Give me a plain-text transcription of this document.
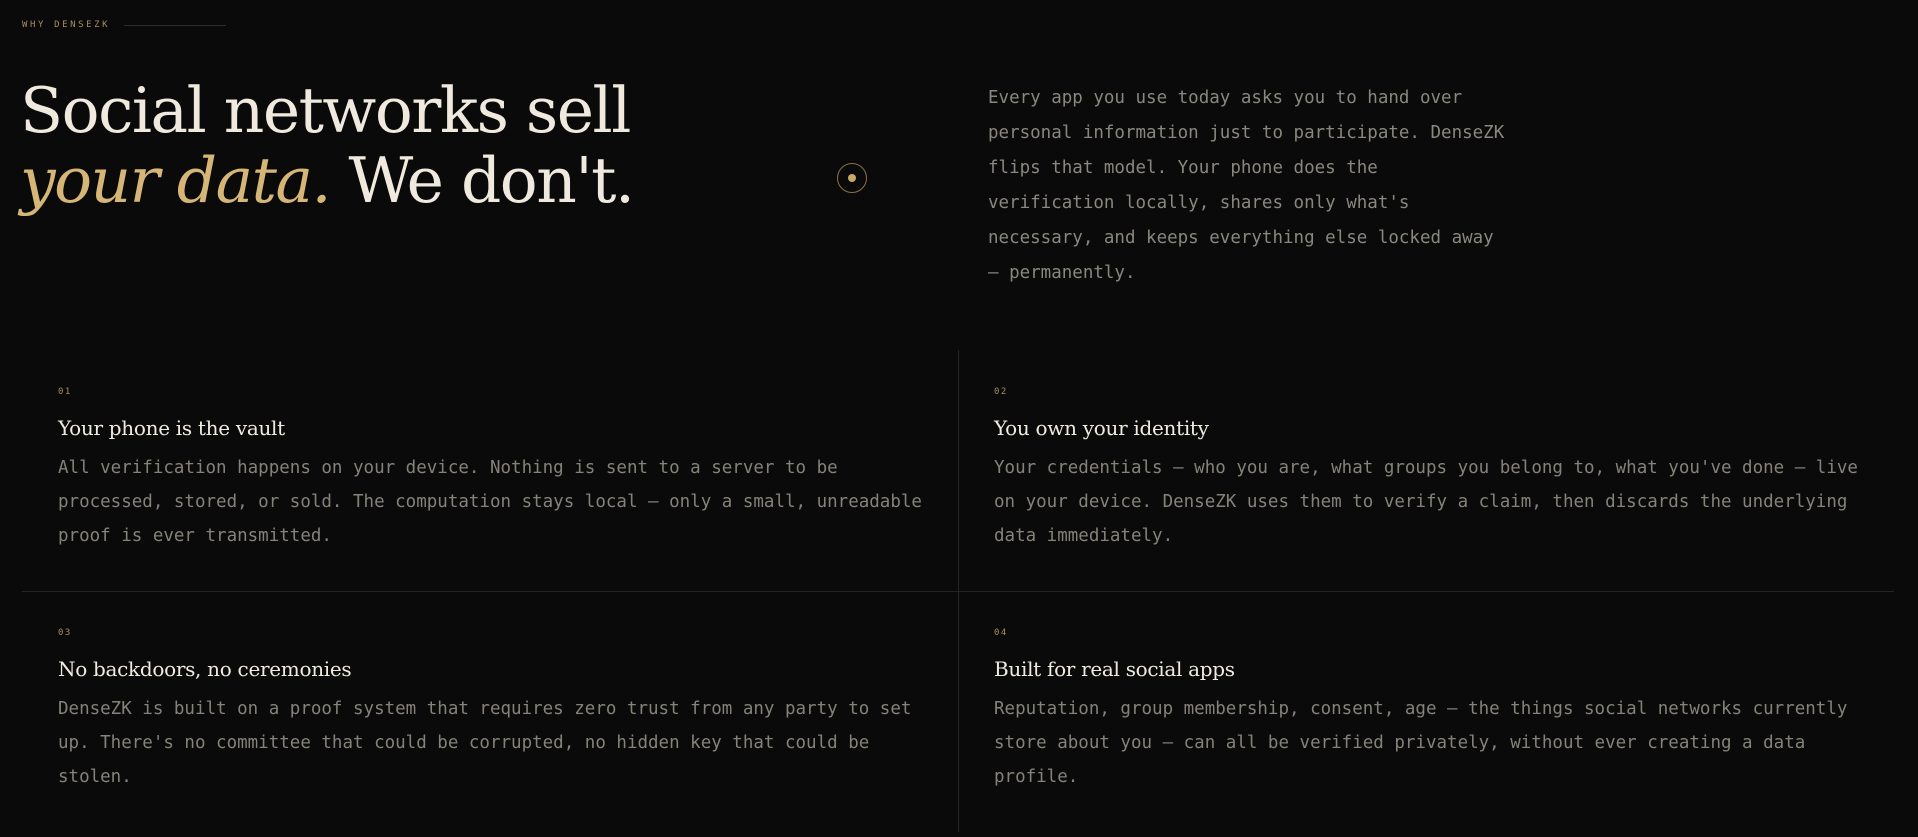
WHY DENSEZK
Social networks sell
your data. We don't.

Every app you use today asks you to hand over personal information just to participate. DenseZK flips that model. Your phone does the verification locally, shares only what's necessary, and keeps everything else locked away — permanently.

01
Your phone is the vault

All verification happens on your device. Nothing is sent to a server to be processed, stored, or sold. The computation stays local — only a small, unreadable proof is ever transmitted.

02
You own your identity

Your credentials — who you are, what groups you belong to, what you've done — live on your device. DenseZK uses them to verify a claim, then discards the underlying data immediately.

03
No backdoors, no ceremonies

DenseZK is built on a proof system that requires zero trust from any party to set up. There's no committee that could be corrupted, no hidden key that could be stolen.

04
Built for real social apps

Reputation, group membership, consent, age — the things social networks currently store about you — can all be verified privately, without ever creating a data profile.
